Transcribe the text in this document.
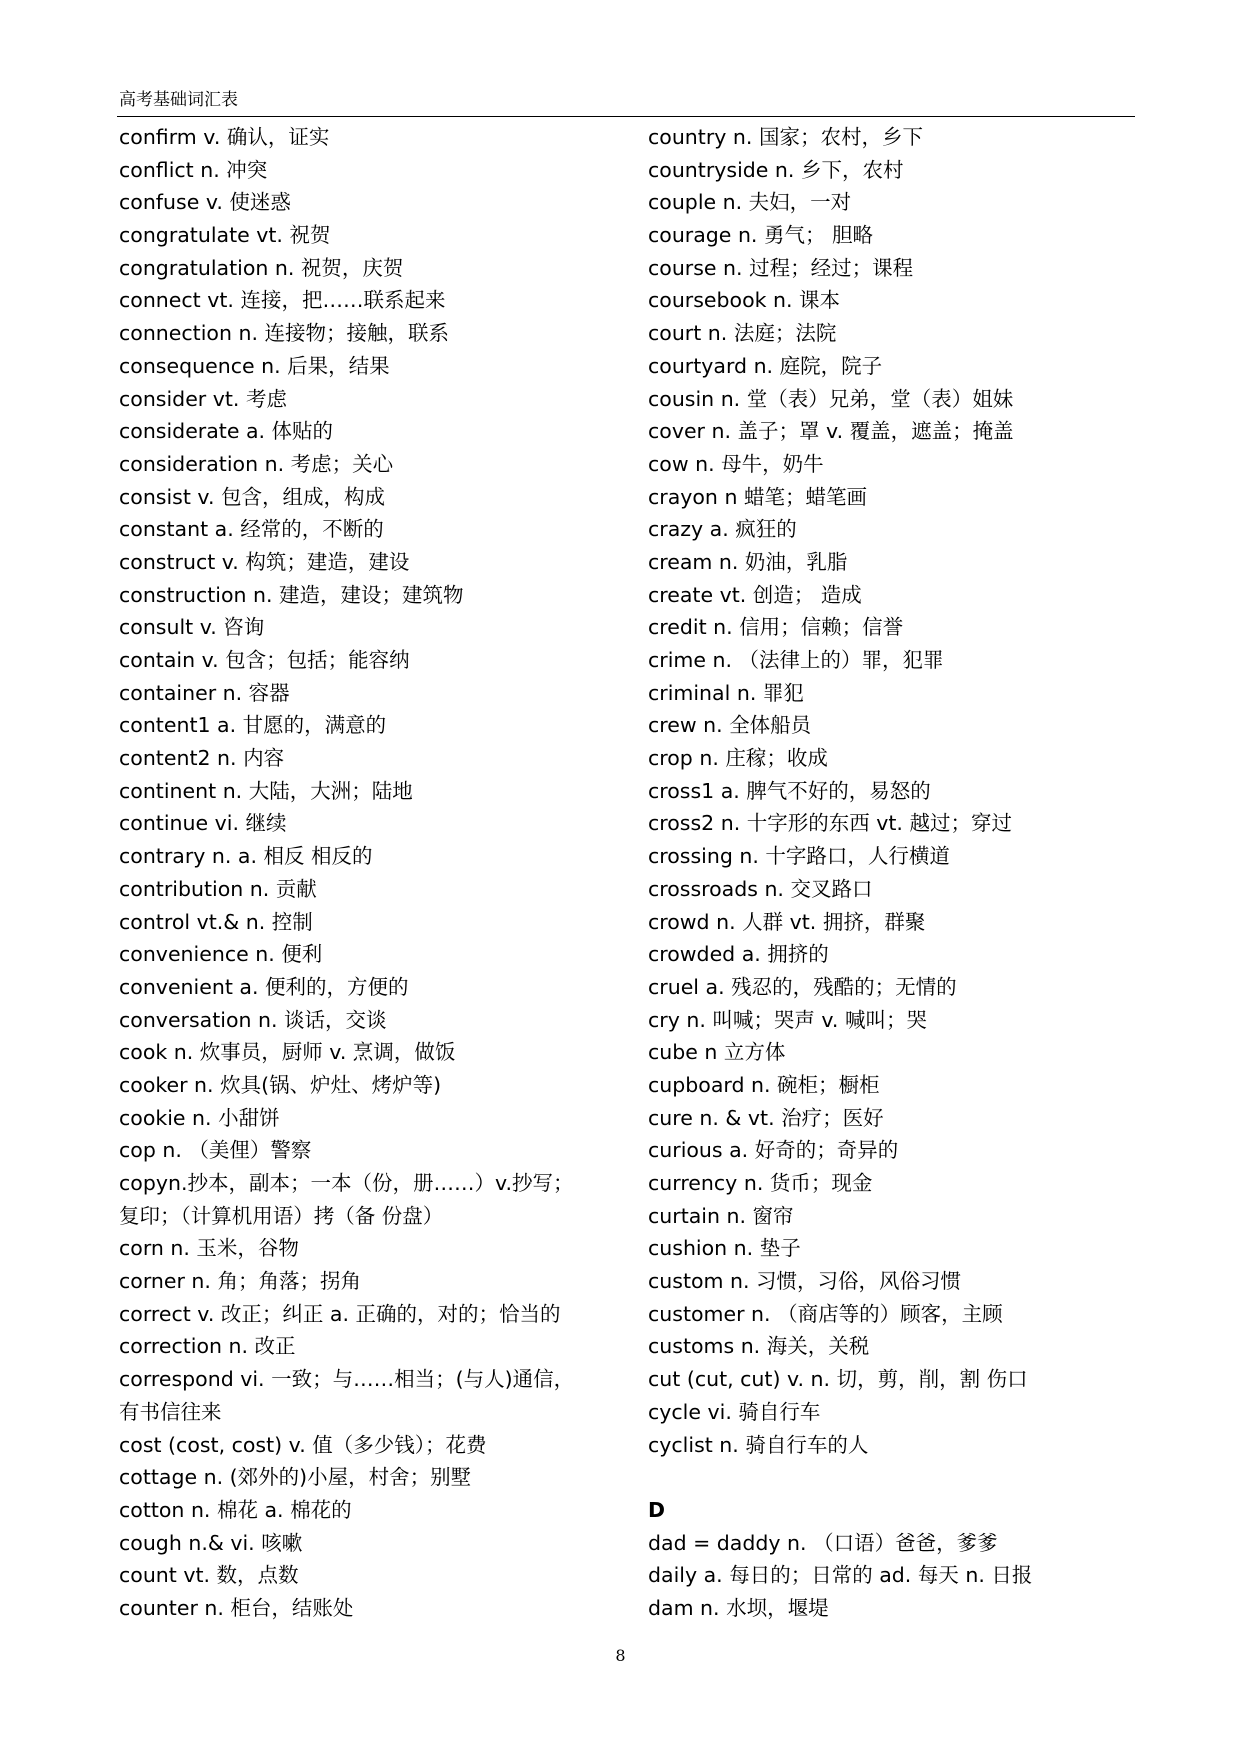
高考基础词汇表
confirm v. 确认，证实
conflict n. 冲突
confuse v. 使迷惑
congratulate vt. 祝贺
congratulation n. 祝贺，庆贺
connect vt. 连接，把……联系起来
connection n. 连接物；接触，联系
consequence n. 后果，结果
consider vt. 考虑
considerate a. 体贴的
consideration n. 考虑；关心
consist v. 包含，组成，构成
constant a. 经常的，不断的
construct v. 构筑；建造，建设
construction n. 建造，建设；建筑物
consult v. 咨询
contain v. 包含；包括；能容纳
container n. 容器
content1 a. 甘愿的，满意的
content2 n. 内容
continent n. 大陆，大洲；陆地
continue vi. 继续
contrary n. a. 相反 相反的
contribution n. 贡献
control vt.& n. 控制
convenience n. 便利
convenient a. 便利的，方便的
conversation n. 谈话，交谈
cook n. 炊事员，厨师 v. 烹调，做饭
cooker n. 炊具(锅、炉灶、烤炉等)
cookie n. 小甜饼
cop n. （美俚）警察
copyn.抄本，副本；一本（份，册……）v.抄写；
复印；（计算机用语）拷（备 份盘）
corn n. 玉米，谷物
corner n. 角；角落；拐角
correct v. 改正；纠正 a. 正确的，对的；恰当的
correction n. 改正
correspond vi. 一致；与……相当；(与人)通信，
有书信往来
cost (cost, cost) v. 值（多少钱）；花费
cottage n. (郊外的)小屋，村舍；别墅
cotton n. 棉花 a. 棉花的
cough n.& vi. 咳嗽
count vt. 数，点数
counter n. 柜台，结账处
country n. 国家；农村，乡下
countryside n. 乡下，农村
couple n. 夫妇，一对
courage n. 勇气； 胆略
course n. 过程；经过；课程
coursebook n. 课本
court n. 法庭；法院
courtyard n. 庭院，院子
cousin n. 堂（表）兄弟，堂（表）姐妹
cover n. 盖子；罩 v. 覆盖，遮盖；掩盖
cow n. 母牛，奶牛
crayon n 蜡笔；蜡笔画
crazy a. 疯狂的
cream n. 奶油，乳脂
create vt. 创造； 造成
credit n. 信用；信赖；信誉
crime n. （法律上的）罪，犯罪
criminal n. 罪犯
crew n. 全体船员
crop n. 庄稼；收成
cross1 a. 脾气不好的，易怒的
cross2 n. 十字形的东西 vt. 越过；穿过
crossing n. 十字路口，人行横道
crossroads n. 交叉路口
crowd n. 人群 vt. 拥挤，群聚
crowded a. 拥挤的
cruel a. 残忍的，残酷的；无情的
cry n. 叫喊；哭声 v. 喊叫；哭
cube n 立方体
cupboard n. 碗柜；橱柜
cure n. & vt. 治疗；医好
curious a. 好奇的；奇异的
currency n. 货币；现金
curtain n. 窗帘
cushion n. 垫子
custom n. 习惯，习俗，风俗习惯
customer n. （商店等的）顾客，主顾
customs n. 海关，关税
cut (cut, cut) v. n. 切，剪，削，割 伤口
cycle vi. 骑自行车
cyclist n. 骑自行车的人
D
dad = daddy n. （口语）爸爸，爹爹
daily a. 每日的；日常的 ad. 每天 n. 日报
dam n. 水坝，堰堤
8
